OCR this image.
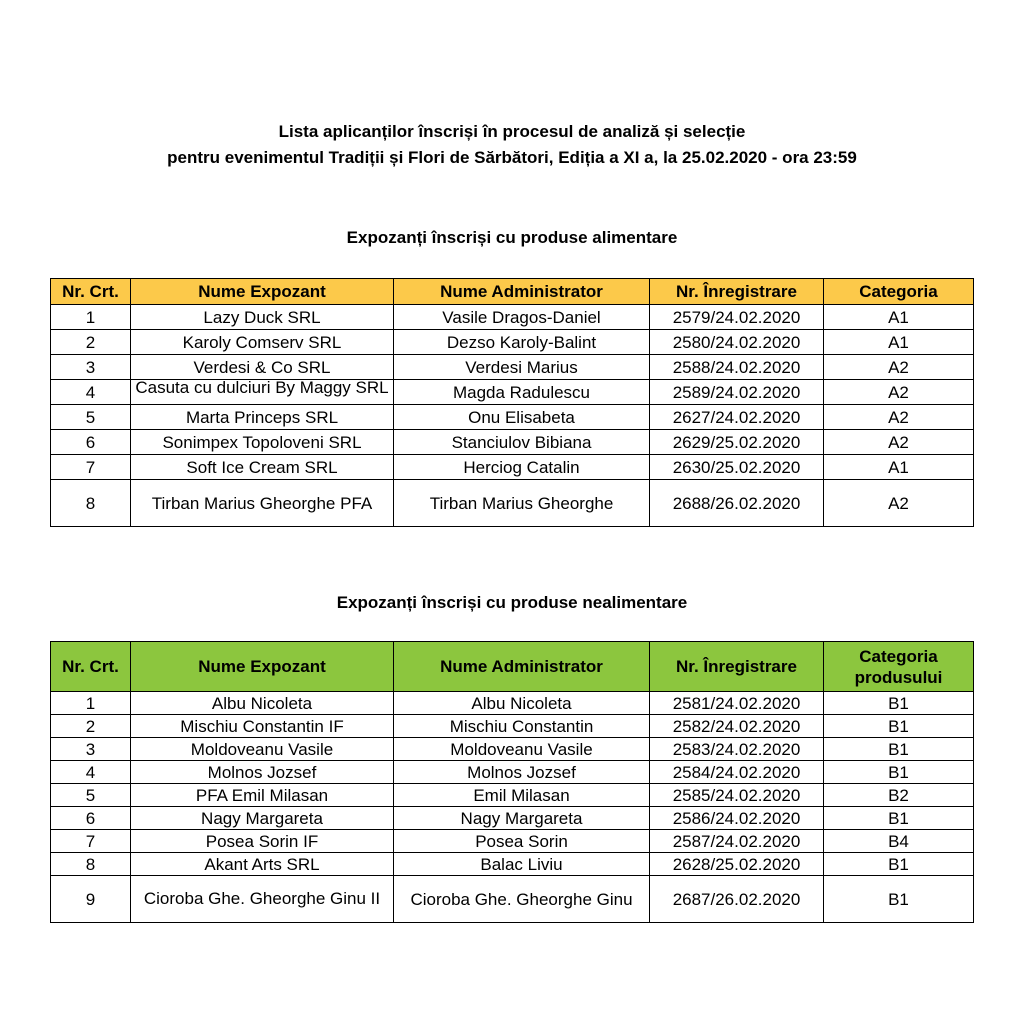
Lista aplicanților înscriși în procesul de analiză și selecție
pentru evenimentul Tradiții și Flori de Sărbători, Ediția a XI a, la 25.02.2020 - ora 23:59
Expozanți înscriși cu produse alimentare
Nr. Crt.	Nume Expozant	Nume Administrator	Nr. Înregistrare	Categoria
1	Lazy Duck SRL	Vasile Dragos-Daniel	2579/24.02.2020	A1
2	Karoly Comserv SRL	Dezso Karoly-Balint	2580/24.02.2020	A1
3	Verdesi & Co SRL	Verdesi Marius	2588/24.02.2020	A2
4	Casuta cu dulciuri By Maggy SRL	Magda Radulescu	2589/24.02.2020	A2
5	Marta Princeps SRL	Onu Elisabeta	2627/24.02.2020	A2
6	Sonimpex Topoloveni SRL	Stanciulov Bibiana	2629/25.02.2020	A2
7	Soft Ice Cream SRL	Herciog Catalin	2630/25.02.2020	A1
8	Tirban Marius Gheorghe PFA	Tirban Marius Gheorghe	2688/26.02.2020	A2
Expozanți înscriși cu produse nealimentare
Nr. Crt.	Nume Expozant	Nume Administrator	Nr. Înregistrare	Categoria produsului
1	Albu Nicoleta	Albu Nicoleta	2581/24.02.2020	B1
2	Mischiu Constantin IF	Mischiu Constantin	2582/24.02.2020	B1
3	Moldoveanu Vasile	Moldoveanu Vasile	2583/24.02.2020	B1
4	Molnos Jozsef	Molnos Jozsef	2584/24.02.2020	B1
5	PFA Emil Milasan	Emil Milasan	2585/24.02.2020	B2
6	Nagy Margareta	Nagy Margareta	2586/24.02.2020	B1
7	Posea Sorin IF	Posea Sorin	2587/24.02.2020	B4
8	Akant Arts SRL	Balac Liviu	2628/25.02.2020	B1
9	Cioroba Ghe. Gheorghe Ginu II	Cioroba Ghe. Gheorghe Ginu	2687/26.02.2020	B1
